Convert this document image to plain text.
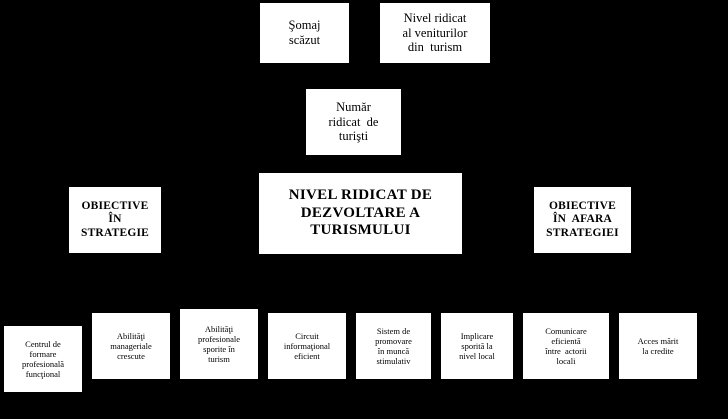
Şomaj
scăzut
Nivel ridicat
al veniturilor
din  turism
Număr
ridicat  de
turişti
NIVEL RIDICAT DE
DEZVOLTARE A
TURISMULUI
OBIECTIVE
ÎN
STRATEGIE
OBIECTIVE
ÎN  AFARA
STRATEGIEI
Centrul de
formare
profesională
funcţional
Abilităţi
manageriale
crescute
Abilităţi
profesionale
sporite în
turism
Circuit
informaţional
eficient
Sistem de
promovare
în muncă
stimulativ
Implicare
sporită la
nivel local
Comunicare
eficientă
între  actorii
locali
Acces mărit
la credite
